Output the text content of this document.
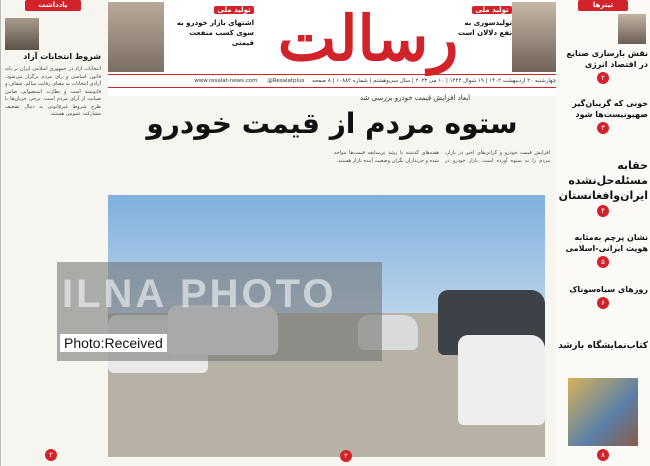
تولید ملی
اشتهای بازار خودرو به سوی کسب منفعت قیمتی رسالت	تولید ملی
توليدسوری به نفع دلالان است
چهارشنبه ۲۰ اردیبهشت ۱۴۰۲ | ۱۹ شوال ۱۴۴۴ | ۱۰ می ۲۰۲۳ | سال سی‌وهشتم | شماره ۱۰۸۸۲ | ۸ صفحه www.resalat-news.com @Resalatplus
یادداشت
شروط انتخابات آزاد
انتخابات آزاد در جمهوری اسلامی ایران بر پایه قانون اساسی و رای مردم برگزار می‌شود. آزادی انتخابات به معنای رقابت سالم، شفاف و قانونمند است و نظارت استصوابی ضامن صیانت از آرای مردم است. برخی جریان‌ها با طرح شروط غیرقانونی به دنبال تضعیف مشارکت عمومی هستند.
۲
تیترها
نقش بازسازی صنایع در اقتصاد انرژی
۲
خونی که گریبان‌گیر صهیونیست‌ها شود
۳
حقابه مسئله‌حل‌نشده ایران‌وافغانستان
۴
نشان پرچم به‌مثابه هویت ایرانی-اسلامی
۵
روزهای سیاه‌سوناک
۶
کتاب‌نمایشگاه بازشد
۸
ابعاد افزایش قیمت خودرو بررسی شد
ستوه مردم از قیمت خودرو
افزایش قیمت خودرو و گرانی‌های اخیر در بازار، مردم را به ستوه آورده است. بازار خودرو در هفته‌های گذشته با رشد بی‌سابقه قیمت‌ها مواجه شده و خریداران نگران وضعیت آینده بازار هستند.
ILNA PHOTO
Photo:Received
۲
